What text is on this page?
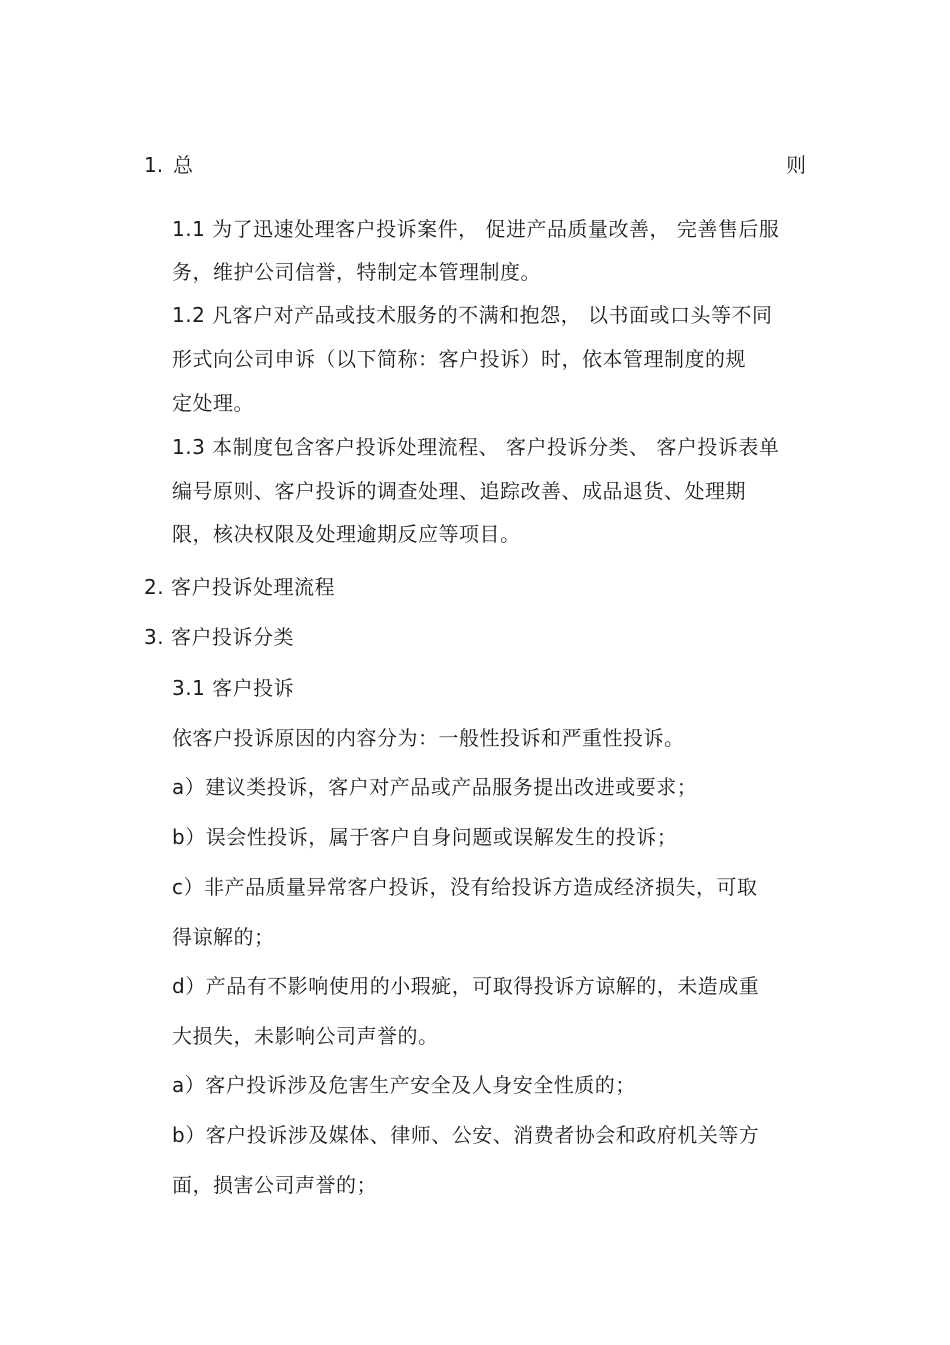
1. 总	则
1.1 为了迅速处理客户投诉案件， 促进产品质量改善， 完善售后服
务，维护公司信誉，特制定本管理制度。
1.2 凡客户对产品或技术服务的不满和抱怨， 以书面或口头等不同
形式向公司申诉（以下简称：客户投诉）时，依本管理制度的规
定处理。
1.3 本制度包含客户投诉处理流程、 客户投诉分类、 客户投诉表单
编号原则、客户投诉的调查处理、追踪改善、成品退货、处理期
限，核决权限及处理逾期反应等项目。
2. 客户投诉处理流程
3. 客户投诉分类
3.1 客户投诉
依客户投诉原因的内容分为：一般性投诉和严重性投诉。
a）建议类投诉，客户对产品或产品服务提出改进或要求；
b）误会性投诉，属于客户自身问题或误解发生的投诉；
c）非产品质量异常客户投诉，没有给投诉方造成经济损失，可取
得谅解的；
d）产品有不影响使用的小瑕疵，可取得投诉方谅解的，未造成重
大损失，未影响公司声誉的。
a）客户投诉涉及危害生产安全及人身安全性质的；
b）客户投诉涉及媒体、律师、公安、消费者协会和政府机关等方
面，损害公司声誉的；
